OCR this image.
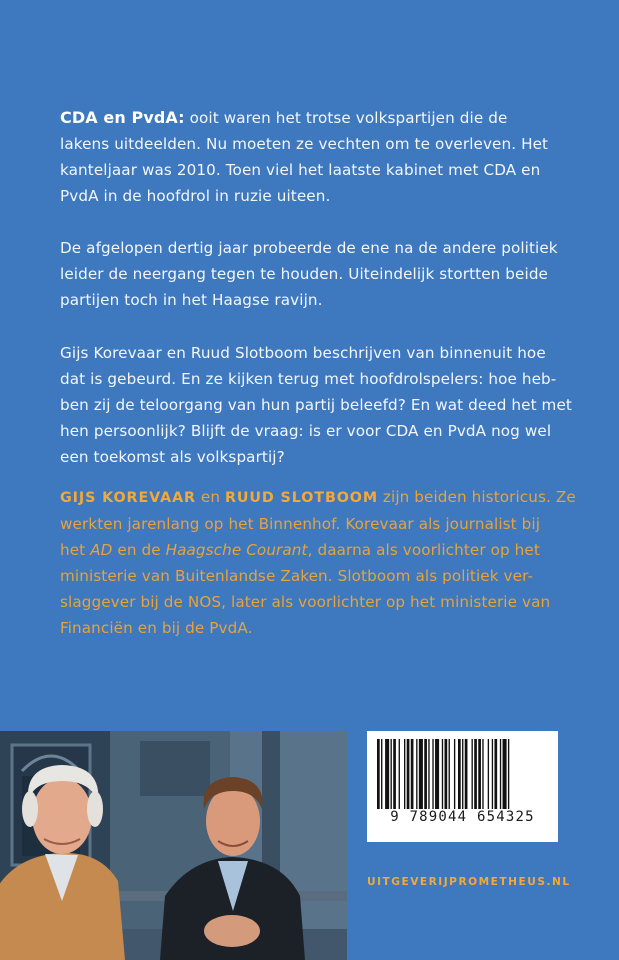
CDA en PvdA: ooit waren het trotse volkspartijen die de
lakens uitdeelden. Nu moeten ze vechten om te overleven. Het
kanteljaar was 2010. Toen viel het laatste kabinet met CDA en
PvdA in de hoofdrol in ruzie uiteen.
De afgelopen dertig jaar probeerde de ene na de andere politiek
leider de neergang tegen te houden. Uiteindelijk stortten beide
partijen toch in het Haagse ravijn.
Gijs Korevaar en Ruud Slotboom beschrijven van binnenuit hoe
dat is gebeurd. En ze kijken terug met hoofdrolspelers: hoe heb-
ben zij de teloorgang van hun partij beleefd? En wat deed het met
hen persoonlijk? Blijft de vraag: is er voor CDA en PvdA nog wel
een toekomst als volkspartij?
GIJS KOREVAAR en RUUD SLOTBOOM zijn beiden historicus. Ze
werkten jarenlang op het Binnenhof. Korevaar als journalist bij
het AD en de Haagsche Courant, daarna als voorlichter op het
ministerie van Buitenlandse Zaken. Slotboom als politiek ver-
slaggever bij de NOS, later als voorlichter op het ministerie van
Financiën en bij de PvdA.
9 789044 654325
UITGEVERIJPROMETHEUS.NL
